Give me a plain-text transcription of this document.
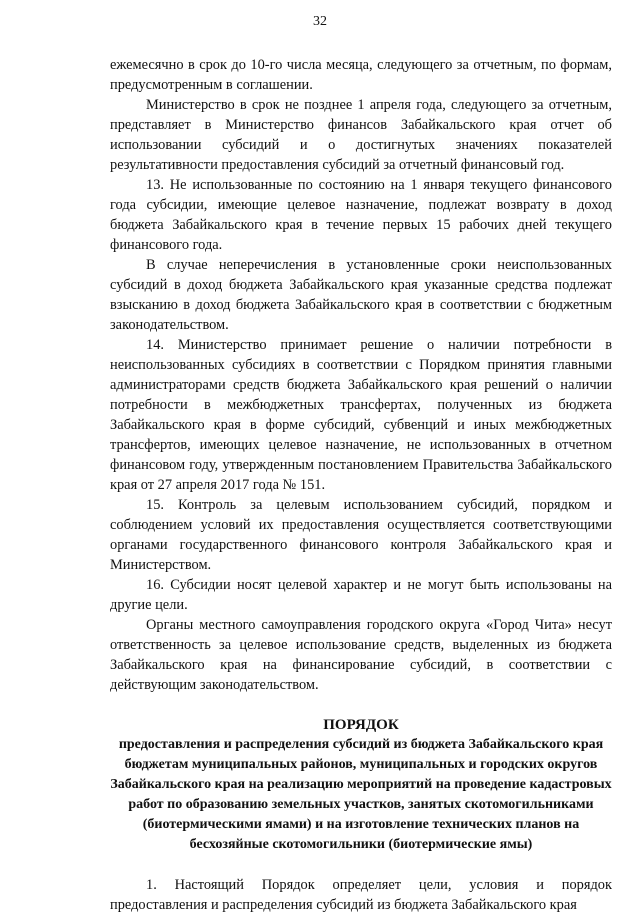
32

ежемесячно в срок до 10-го числа месяца, следующего за отчетным, по формам, предусмотренным в соглашении.

Министерство в срок не позднее 1 апреля года, следующего за отчетным, представляет в Министерство финансов Забайкальского края отчет об использовании субсидий и о достигнутых значениях показателей результативности предоставления субсидий за отчетный финансовый год.

13. Не использованные по состоянию на 1 января текущего финансового года субсидии, имеющие целевое назначение, подлежат возврату в доход бюджета Забайкальского края в течение первых 15 рабочих дней текущего финансового года.

В случае неперечисления в установленные сроки неиспользованных субсидий в доход бюджета Забайкальского края указанные средства подлежат взысканию в доход бюджета Забайкальского края в соответствии с бюджетным законодательством.

14. Министерство принимает решение о наличии потребности в неиспользованных субсидиях в соответствии с Порядком принятия главными администраторами средств бюджета Забайкальского края решений о наличии потребности в межбюджетных трансфертах, полученных из бюджета Забайкальского края в форме субсидий, субвенций и иных межбюджетных трансфертов, имеющих целевое назначение, не использованных в отчетном финансовом году, утвержденным постановлением Правительства Забайкальского края от 27 апреля 2017 года № 151.

15. Контроль за целевым использованием субсидий, порядком и соблюдением условий их предоставления осуществляется соответствующими органами государственного финансового контроля Забайкальского края и Министерством.

16. Субсидии носят целевой характер и не могут быть использованы на другие цели.

Органы местного самоуправления городского округа «Город Чита» несут ответственность за целевое использование средств, выделенных из бюджета Забайкальского края на финансирование субсидий, в соответствии с действующим законодательством.

ПОРЯДОК

предоставления и распределения субсидий из бюджета Забайкальского края бюджетам муниципальных районов, муниципальных и городских округов Забайкальского края на реализацию мероприятий на проведение кадастровых работ по образованию земельных участков, занятых скотомогильниками (биотермическими ямами) и на изготовление технических планов на бесхозяйные скотомогильники (биотермические ямы)

1. Настоящий Порядок определяет цели, условия и порядок предоставления и распределения субсидий из бюджета Забайкальского края
